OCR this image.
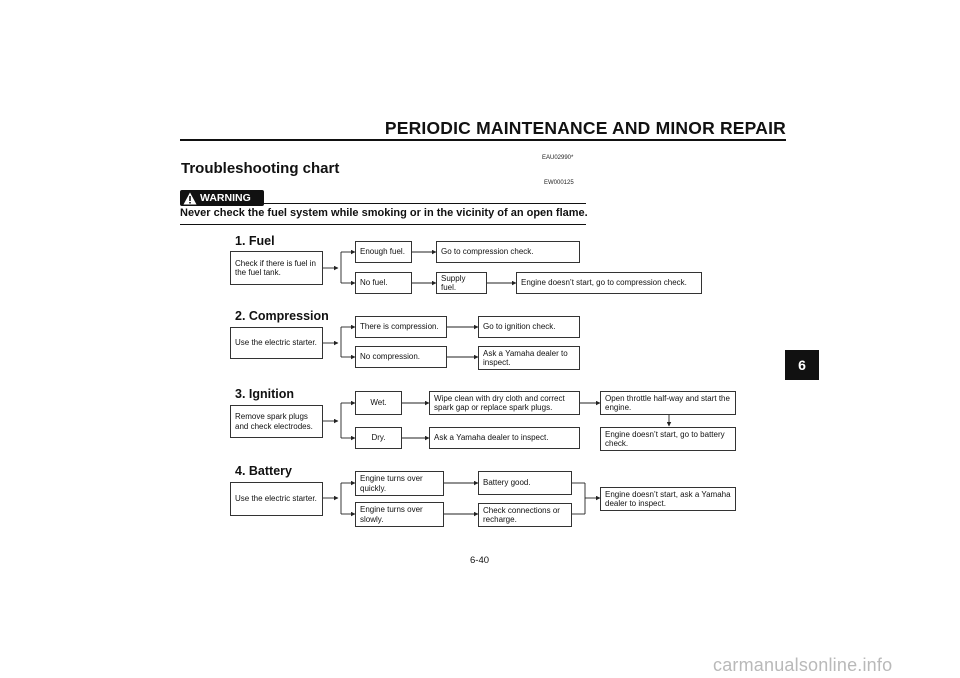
PERIODIC MAINTENANCE AND MINOR REPAIR
Troubleshooting chart
EAU02990*
EW000125
WARNING
Never check the fuel system while smoking or in the vicinity of an open flame.
1. Fuel
Check if there is fuel in the fuel tank.
Enough fuel.	Go to compression check.
No fuel.
Supply fuel.
Engine doesn’t start, go to compression check.
2. Compression
Use the electric starter.
There is compression.	Go to ignition check.
No compression.	Ask a Yamaha dealer to inspect.
3. Ignition
Remove spark plugs and check electrodes.
Wet.
Wipe clean with dry cloth and correct spark gap or replace spark plugs.
Open throttle half-way and start the engine.
Engine doesn’t start, go to battery check.
Dry.	Ask a Yamaha dealer to inspect.
4. Battery
Use the electric starter.
Engine turns over quickly.
Battery good.
Engine turns over slowly.
Check connections or recharge.
Engine doesn’t start, ask a Yamaha dealer to inspect.
6
6-40
carmanualsonline.info
